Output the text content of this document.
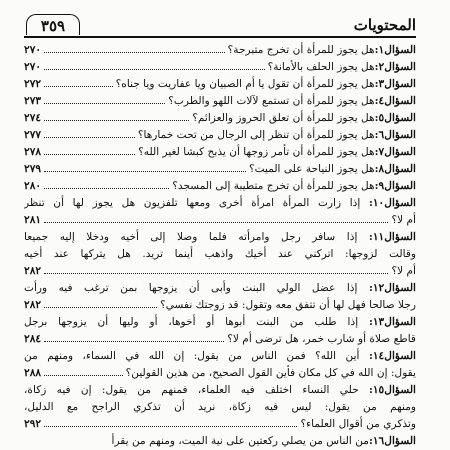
٣٥٩	المحتويات
السؤال١:
هل يجوز للمرأة أن تخرج متبرجة؟
٢٧٠
السؤال٢:
هل يجوز الحلف بالأمانة؟
٢٧٠
السؤال٣:
هل يجوز للمرأة أن تقول يا أم الصبيان ويا عفاريت ويا جناه؟
٢٧٢
السؤال٤:
هل يجوز للمرأة أن تستمع لآلات اللهو والطرب؟
٢٧٣
السؤال٥:
هل يجوز للمرأة أن تعلق الحروز والعزائم؟
٢٧٤
السؤال٦:
هل يجوز للمرأة أن تنظر إلى الرجال من تحت خمارها؟
٢٧٧
السؤال٧:
هل يجوز للمرأة أن تأمر زوجها أن يذبح كبشا لغير الله؟
٢٧٨
السؤال٨:
هل يجوز النياحة على الميت؟
٢٧٩
السؤال٩:
هل يجوز للمرأة أن تخرج متطيبة إلى المسجد؟
٢٨٠
السؤال١٠: إذا زارت المرأة امرأة أخرى ومعها تلفزيون هل يجوز لها أن تنظر
أم لا؟
٢٨١
السؤال١١: إذا سافر رجل وامرأته فلما وصلا إلى أخيه ودخلا إليه جميعا
وقالت لزوجها: اتركني عند أخيك واذهب أينما تريد. هل يتركها عند أخيه
أم لا؟
٢٨٢
السؤال١٢: إذا عضل الولي البنت وأبى أن يزوجها بمن ترغب فيه ورأت
رجلا صالحا فهل لها أن تتفق معه وتقول: قد زوجتك نفسي؟
٢٨٢
السؤال١٣: إذا طلب من البنت أبوها أو أخوها، أو وليها أن يزوجها برجل
قاطع صلاة أو شارب خمر، هل ترضى أم لا؟
٢٨٤
السؤال١٤: أين الله؟ فمن الناس من يقول: إن الله في السماء، ومنهم من
يقول: إن الله في كل مكان فأين القول الصحيح، من هذين القولين؟
٢٨٨
السؤال١٥: حلي النساء اختلف فيه العلماء، فمنهم من يقول: إن فيه زكاة،
ومنهم من يقول: ليس فيه زكاة، نريد أن تذكري الراجح مع الدليل،
وتذكري من أقوال العلماء؟
٢٩٢
السؤال١٦:
من الناس من يصلي ركعتين على نية الميت، ومنهم من يقرأ
